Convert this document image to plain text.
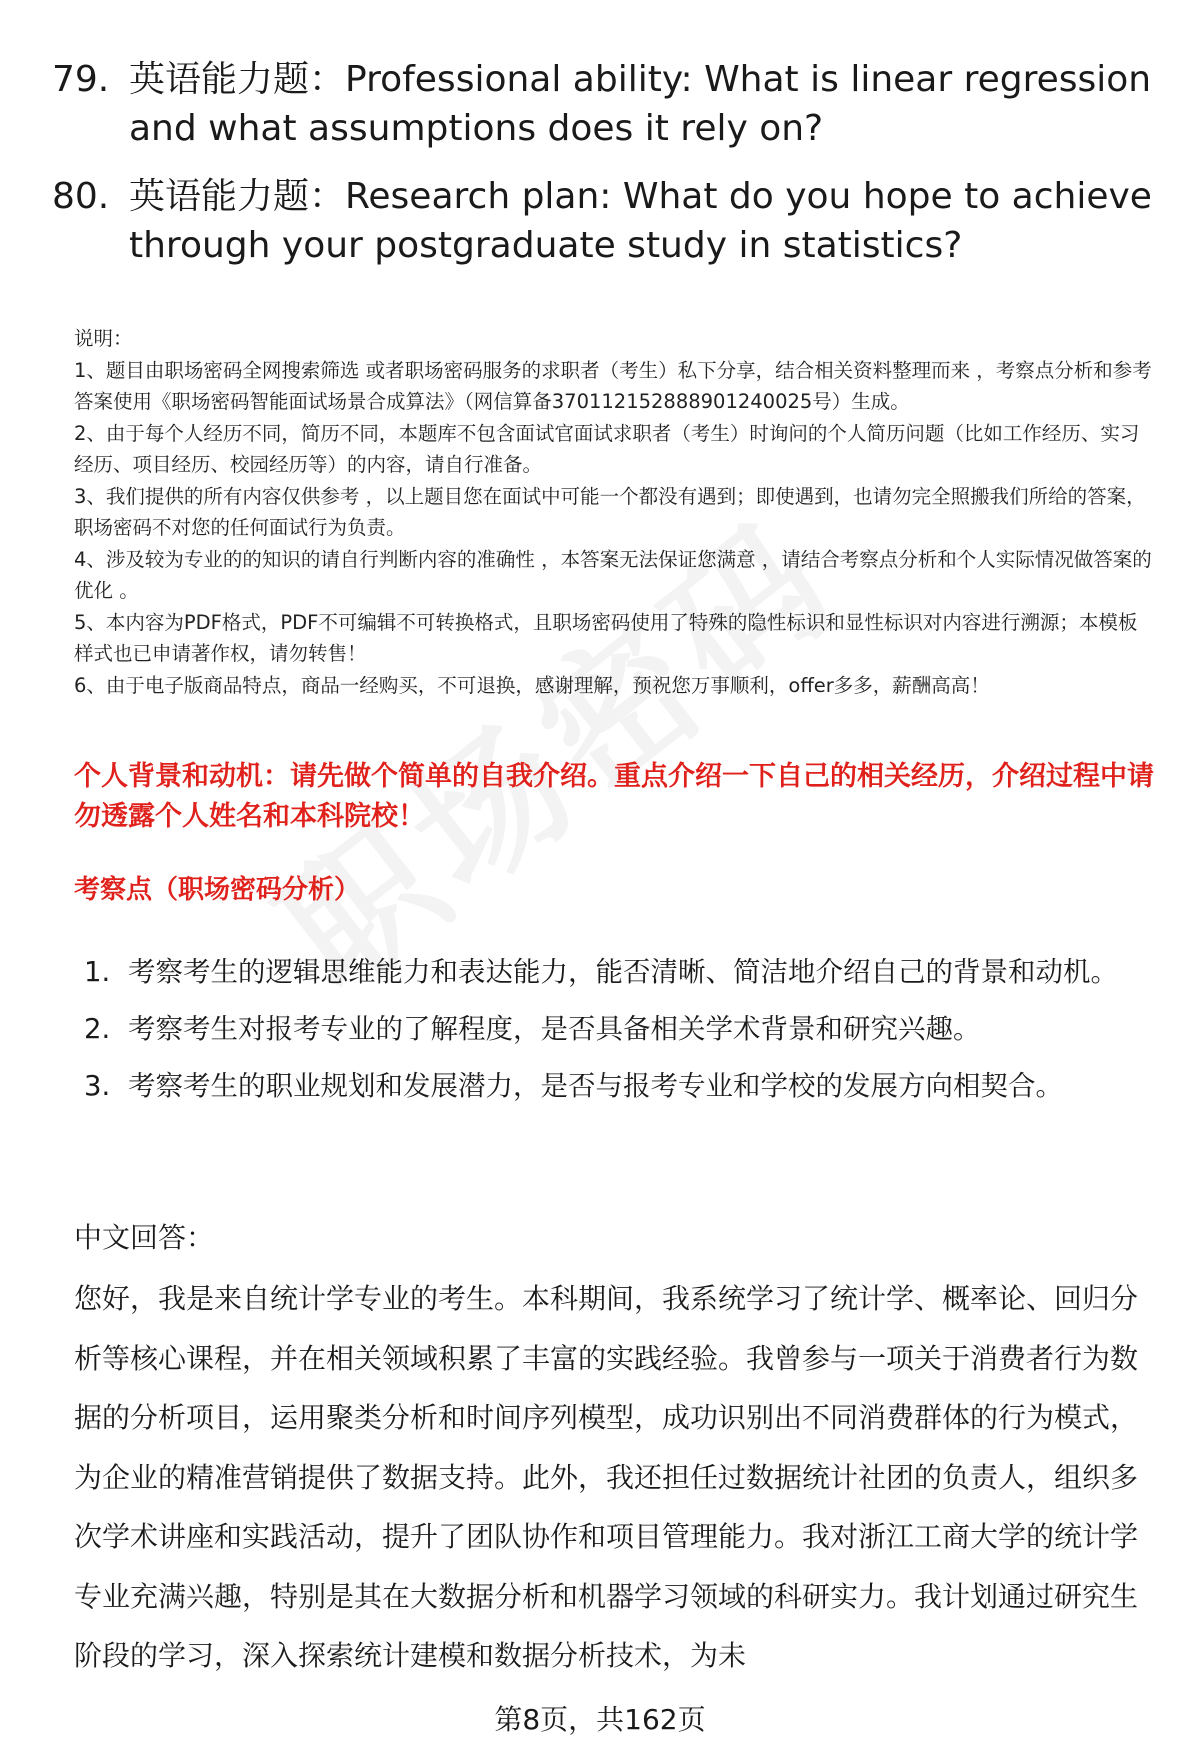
79. 英语能力题：Professional ability: What is linear regression and what assumptions does it rely on?
80. 英语能力题：Research plan: What do you hope to achieve through your postgraduate study in statistics?

说明：

1、题目由职场密码全网搜索筛选 或者职场密码服务的求职者（考生）私下分享，结合相关资料整理而来 ，考察点分析和参考答案使用《职场密码智能面试场景合成算法》（网信算备370112152888901240025号）生成。

2、由于每个人经历不同，简历不同，本题库不包含面试官面试求职者（考生）时询问的个人简历问题（比如工作经历、实习经历、项目经历、校园经历等）的内容，请自行准备。

3、我们提供的所有内容仅供参考 ，以上题目您在面试中可能一个都没有遇到；即使遇到，也请勿完全照搬我们所给的答案，职场密码不对您的任何面试行为负责。

4、涉及较为专业的的知识的请自行判断内容的准确性 ，本答案无法保证您满意 ，请结合考察点分析和个人实际情况做答案的优化 。

5、本内容为PDF格式，PDF不可编辑不可转换格式，且职场密码使用了特殊的隐性标识和显性标识对内容进行溯源；本模板样式也已申请著作权，请勿转售！

6、由于电子版商品特点，商品一经购买，不可退换，感谢理解，预祝您万事顺利，offer多多，薪酬高高！

个人背景和动机：请先做个简单的自我介绍。重点介绍一下自己的相关经历，介绍过程中请勿透露个人姓名和本科院校！
考察点（职场密码分析）
1. 考察考生的逻辑思维能力和表达能力，能否清晰、简洁地介绍自己的背景和动机。
2. 考察考生对报考专业的了解程度，是否具备相关学术背景和研究兴趣。
3. 考察考生的职业规划和发展潜力，是否与报考专业和学校的发展方向相契合。
中文回答：
您好，我是来自统计学专业的考生。本科期间，我系统学习了统计学、概率论、回归分析等核心课程，并在相关领域积累了丰富的实践经验。我曾参与一项关于消费者行为数据的分析项目，运用聚类分析和时间序列模型，成功识别出不同消费群体的行为模式，为企业的精准营销提供了数据支持。此外，我还担任过数据统计社团的负责人，组织多次学术讲座和实践活动，提升了团队协作和项目管理能力。我对浙江工商大学的统计学专业充满兴趣，特别是其在大数据分析和机器学习领域的科研实力。我计划通过研究生阶段的学习，深入探索统计建模和数据分析技术，为未
第8页，共162页
